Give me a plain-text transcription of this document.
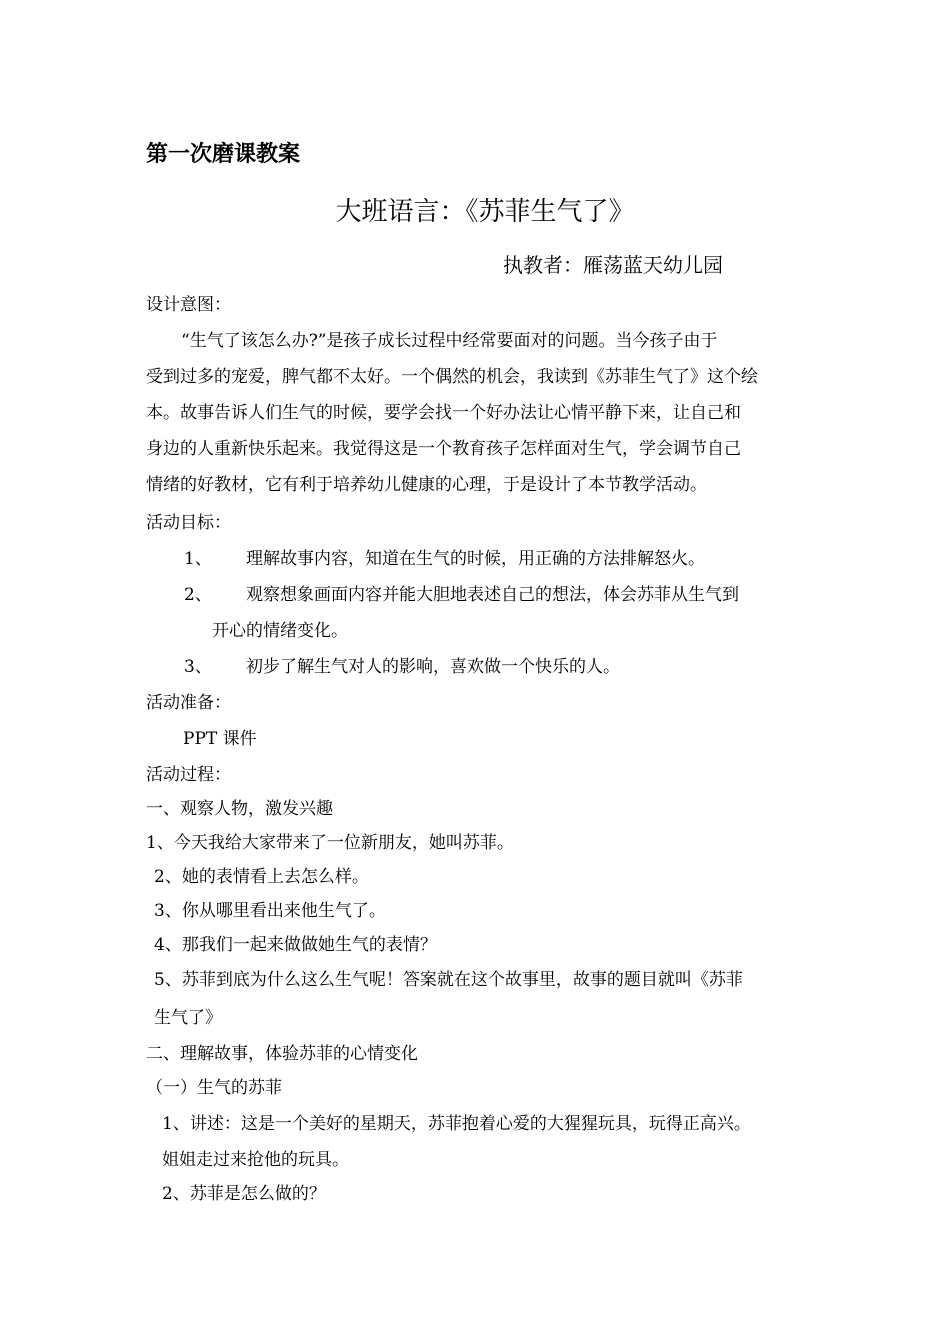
第一次磨课教案
大班语言：《苏菲生气了》
执教者：雁荡蓝天幼儿园
设计意图：
“生气了该怎么办?”是孩子成长过程中经常要面对的问题。当今孩子由于
受到过多的宠爱，脾气都不太好。一个偶然的机会，我读到《苏菲生气了》这个绘
本。故事告诉人们生气的时候，要学会找一个好办法让心情平静下来，让自己和
身边的人重新快乐起来。我觉得这是一个教育孩子怎样面对生气，学会调节自己
情绪的好教材，它有利于培养幼儿健康的心理，于是设计了本节教学活动。
活动目标：
1、 理解故事内容，知道在生气的时候，用正确的方法排解怒火。
2、 观察想象画面内容并能大胆地表述自己的想法，体会苏菲从生气到
开心的情绪变化。
3、 初步了解生气对人的影响，喜欢做一个快乐的人。
活动准备：
PPT 课件
活动过程：
一、观察人物，激发兴趣
1、今天我给大家带来了一位新朋友，她叫苏菲。
2、她的表情看上去怎么样。
3、你从哪里看出来他生气了。
4、那我们一起来做做她生气的表情？
5、苏菲到底为什么这么生气呢！答案就在这个故事里，故事的题目就叫《苏菲
生气了》
二、理解故事，体验苏菲的心情变化
（一）生气的苏菲
1、讲述：这是一个美好的星期天，苏菲抱着心爱的大猩猩玩具，玩得正高兴。
姐姐走过来抢他的玩具。
2、苏菲是怎么做的？
